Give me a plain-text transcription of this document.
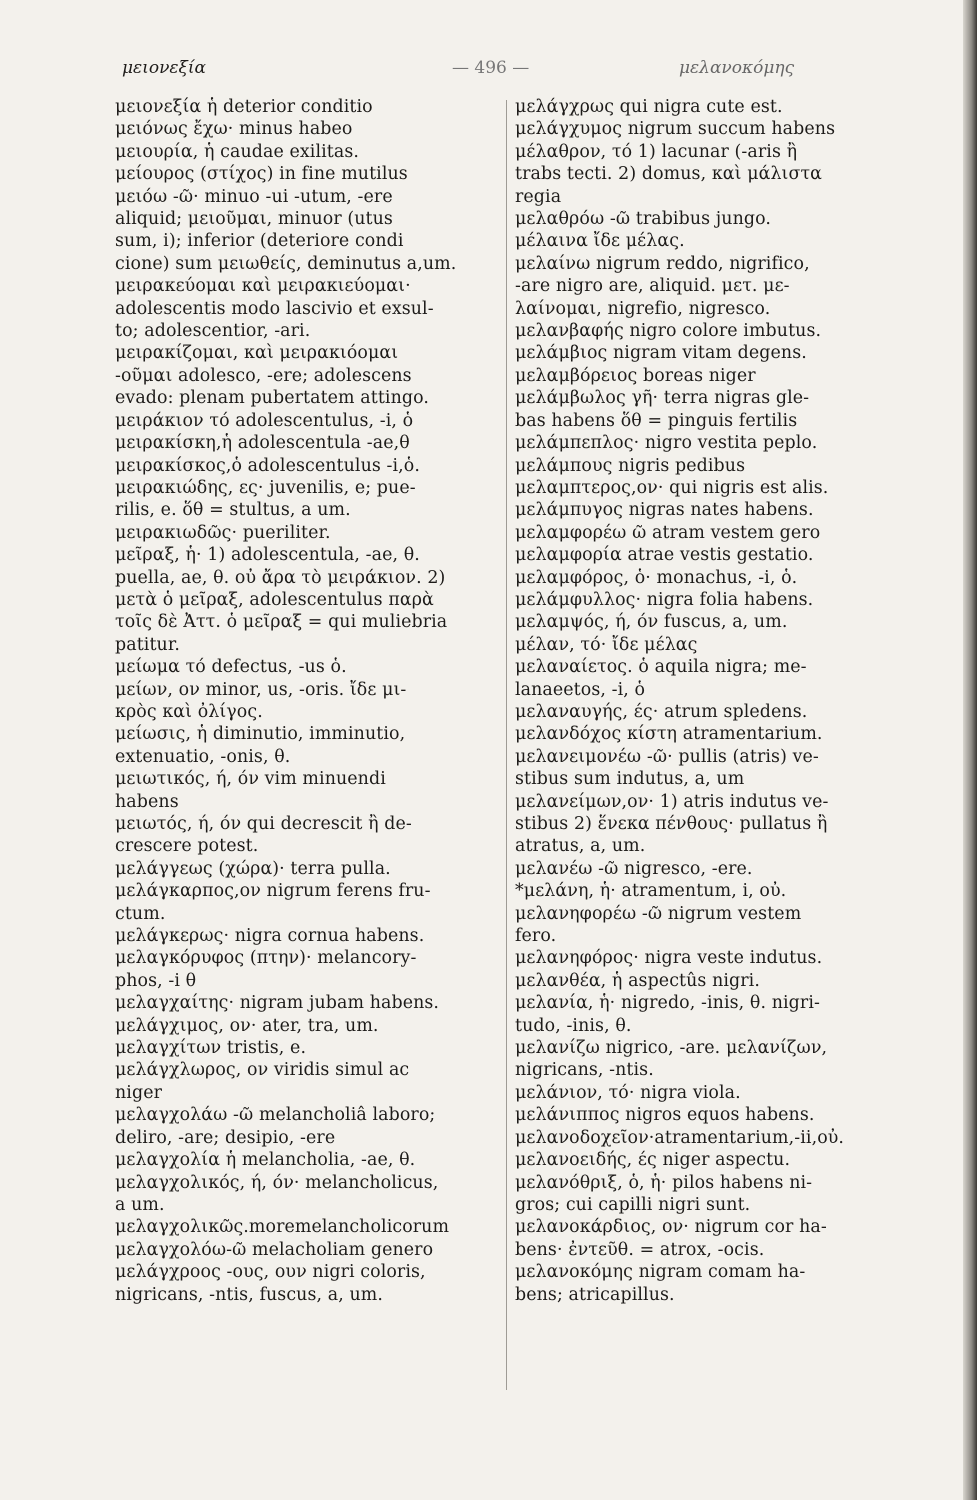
μειονεξία	— 496 —	μελανοκόμης
μειονεξία ἡ deterior conditio
μειόνως ἔχω· minus habeo
μειουρία, ἡ caudae exilitas.
μείουρος (στίχος) in fine mutilus
μειόω -ῶ· minuo -ui -utum, -ere
aliquid; μειοῦμαι, minuor (utus
sum, i); inferior (deteriore condi
cione) sum μειωθείς, deminutus a,um.
μειρακεύομαι καὶ μειρακιεύομαι·
adolescentis modo lascivio et exsul-
to; adolescentior, -ari.
μειρακίζομαι, καὶ μειρακιόομαι
-οῦμαι adolesco, -ere; adolescens
evado: plenam pubertatem attingo.
μειράκιον τό adolescentulus, -i, ὁ
μειρακίσκη,ἡ adolescentula -ae,θ
μειρακίσκος,ὁ adolescentulus -i,ὁ.
μειρακιώδης, ες· juvenilis, e; pue-
rilis, e. ὅθ = stultus, a um.
μειρακιωδῶς· pueriliter.
μεῖραξ, ἡ· 1) adolescentula, -ae, θ.
puella, ae, θ. οὐ ἄρα τὸ μειράκιον. 2)
μετὰ ὁ μεῖραξ, adolescentulus παρὰ
τοῖς δὲ Ἀττ. ὁ μεῖραξ = qui muliebria
patitur.
μείωμα τό defectus, -us ὁ.
μείων, ον minor, us, -oris. ἴδε μι-
κρὸς καὶ ὀλίγος.
μείωσις, ἡ diminutio, imminutio,
extenuatio, -onis, θ.
μειωτικός, ή, όν vim minuendi
habens
μειωτός, ή, όν qui decrescit ἢ de-
crescere potest.
μελάγγεως (χώρα)· terra pulla.
μελάγκαρπος,ον nigrum ferens fru-
ctum.
μελάγκερως· nigra cornua habens.
μελαγκόρυφος (πτην)· melancory-
phos, -i θ
μελαγχαίτης· nigram jubam habens.
μελάγχιμος, ον· ater, tra, um.
μελαγχίτων tristis, e.
μελάγχλωρος, ον viridis simul ac
niger
μελαγχολάω -ῶ melancholiâ laboro;
deliro, -are; desipio, -ere
μελαγχολία ἡ melancholia, -ae, θ.
μελαγχολικός, ή, όν· melancholicus,
a um.
μελαγχολικῶς.moremelancholicorum
μελαγχολόω-ῶ melacholiam genero
μελάγχροος -ους, ουν nigri coloris,
nigricans, -ntis, fuscus, a, um.
μελάγχρως qui nigra cute est.
μελάγχυμος nigrum succum habens
μέλαθρον, τό 1) lacunar (-aris ἢ
trabs tecti. 2) domus, καὶ μάλιστα
regia
μελαθρόω -ῶ trabibus jungo.
μέλαινα ἴδε μέλας.
μελαίνω nigrum reddo, nigrifico,
-are nigro are, aliquid. μετ. με-
λαίνομαι, nigrefio, nigresco.
μελανβαφής nigro colore imbutus.
μελάμβιος nigram vitam degens.
μελαμβόρειος boreas niger
μελάμβωλος γῆ· terra nigras gle-
bas habens ὅθ = pinguis fertilis
μελάμπεπλος· nigro vestita peplo.
μελάμπους nigris pedibus
μελαμπτερος,ον· qui nigris est alis.
μελάμπυγος nigras nates habens.
μελαμφορέω ῶ atram vestem gero
μελαμφορία atrae vestis gestatio.
μελαμφόρος, ὁ· monachus, -i, ὁ.
μελάμφυλλος· nigra folia habens.
μελαμψός, ή, όν fuscus, a, um.
μέλαν, τό· ἴδε μέλας
μελαναίετος. ὁ aquila nigra; me-
lanaeetos, -i, ὁ
μελαναυγής, ές· atrum spledens.
μελανδόχος κίστη atramentarium.
μελανειμονέω -ῶ· pullis (atris) ve-
stibus sum indutus, a, um
μελανείμων,ον· 1) atris indutus ve-
stibus 2) ἕνεκα πένθους· pullatus ἢ
atratus, a, um.
μελανέω -ῶ nigresco, -ere.
*μελάνη, ἡ· atramentum, i, οὐ.
μελανηφορέω -ῶ nigrum vestem
fero.
μελανηφόρος· nigra veste indutus.
μελανθέα, ἡ aspectûs nigri.
μελανία, ἡ· nigredo, -inis, θ. nigri-
tudo, -inis, θ.
μελανίζω nigrico, -are. μελανίζων,
nigricans, -ntis.
μελάνιον, τό· nigra viola.
μελάνιππος nigros equos habens.
μελανοδοχεῖον·atramentarium,-ii,οὐ.
μελανοειδής, ές niger aspectu.
μελανόθριξ, ὁ, ἡ· pilos habens ni-
gros; cui capilli nigri sunt.
μελανοκάρδιος, ον· nigrum cor ha-
bens· ἐντεῦθ. = atrox, -ocis.
μελανοκόμης nigram comam ha-
bens; atricapillus.
